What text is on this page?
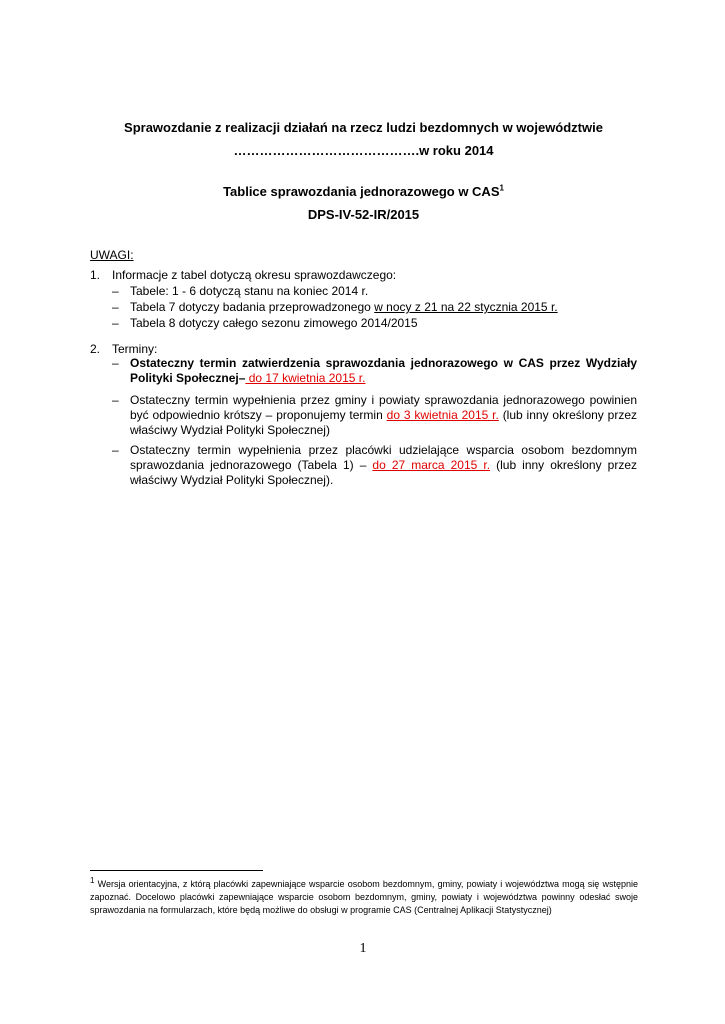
Sprawozdanie z realizacji działań na rzecz ludzi bezdomnych w województwie
…………………………………….w roku 2014
Tablice sprawozdania jednorazowego w CAS$^1$
DPS-IV-52-IR/2015
UWAGI:
1. Informacje z tabel dotyczą okresu sprawozdawczego:
– Tabele: 1 - 6 dotyczą stanu na koniec 2014 r.
– Tabela 7 dotyczy badania przeprowadzonego w nocy z 21 na 22 stycznia 2015 r.
– Tabela 8 dotyczy całego sezonu zimowego 2014/2015
2. Terminy:
– Ostateczny termin zatwierdzenia sprawozdania jednorazowego w CAS przez Wydziały Polityki Społecznej– do 17 kwietnia 2015 r.
– Ostateczny termin wypełnienia przez gminy i powiaty sprawozdania jednorazowego powinien być odpowiednio krótszy – proponujemy termin do 3 kwietnia 2015 r. (lub inny określony przez właściwy Wydział Polityki Społecznej)
– Ostateczny termin wypełnienia przez placówki udzielające wsparcia osobom bezdomnym sprawozdania jednorazowego (Tabela 1) – do 27 marca 2015 r. (lub inny określony przez właściwy Wydział Polityki Społecznej).
1 Wersja orientacyjna, z którą placówki zapewniające wsparcie osobom bezdomnym, gminy, powiaty i województwa mogą się wstępnie zapoznać. Docelowo placówki zapewniające wsparcie osobom bezdomnym, gminy, powiaty i województwa powinny odesłać swoje sprawozdania na formularzach, które będą możliwe do obsługi w programie CAS (Centralnej Aplikacji Statystycznej)
1
